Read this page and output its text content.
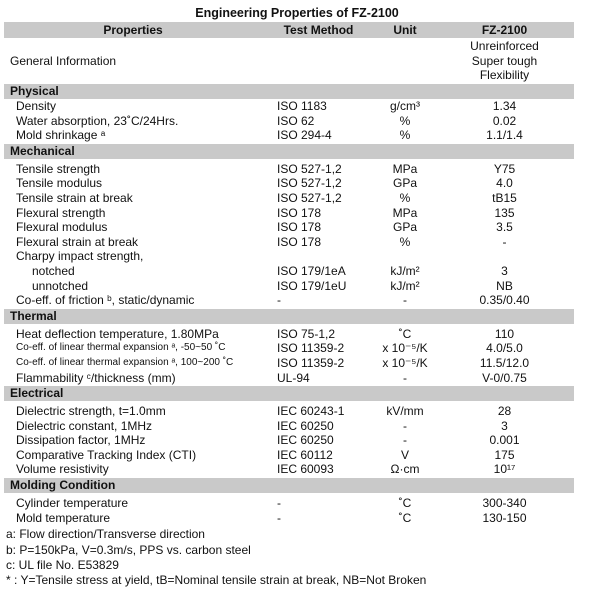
Engineering Properties of FZ-2100
Properties	Test Method	Unit	FZ-2100
General Information
Unreinforced
Super tough
Flexibility
Physical
Density	ISO 1183	g/cm³	1.34
Water absorption, 23˚C/24Hrs.	ISO 62	%	0.02
Mold shrinkage ᵃ	ISO 294-4	%	1.1/1.4
Mechanical
Tensile strength	ISO 527-1,2	MPa	Y75
Tensile modulus	ISO 527-1,2	GPa	4.0
Tensile strain at break	ISO 527-1,2	%	tB15
Flexural strength	ISO 178	MPa	135
Flexural modulus	ISO 178	GPa	3.5
Flexural strain at break	ISO 178	%	-
Charpy impact strength,
notched	ISO 179/1eA	kJ/m²	3
unnotched	ISO 179/1eU	kJ/m²	NB
Co-eff. of friction ᵇ, static/dynamic	-	-	0.35/0.40
Thermal
Heat deflection temperature, 1.80MPa	ISO 75-1,2	˚C	110
Co-eff. of linear thermal expansion ᵃ, -50~50 ˚C	ISO 11359-2	x 10⁻⁵/K	4.0/5.0
Co-eff. of linear thermal expansion ᵃ, 100~200 ˚C	ISO 11359-2	x 10⁻⁵/K	11.5/12.0
Flammability ᶜ/thickness (mm)	UL-94	-	V-0/0.75
Electrical
Dielectric strength, t=1.0mm	IEC 60243-1	kV/mm	28
Dielectric constant, 1MHz	IEC 60250	-	3
Dissipation factor, 1MHz	IEC 60250	-	0.001
Comparative Tracking Index (CTI)	IEC 60112	V	175
Volume resistivity	IEC 60093	Ω·cm	10¹⁷
Molding Condition
Cylinder temperature	-	˚C	300-340
Mold temperature	-	˚C	130-150
a: Flow direction/Transverse direction
b: P=150kPa, V=0.3m/s, PPS vs. carbon steel
c: UL file No. E53829
* : Y=Tensile stress at yield, tB=Nominal tensile strain at break, NB=Not Broken
